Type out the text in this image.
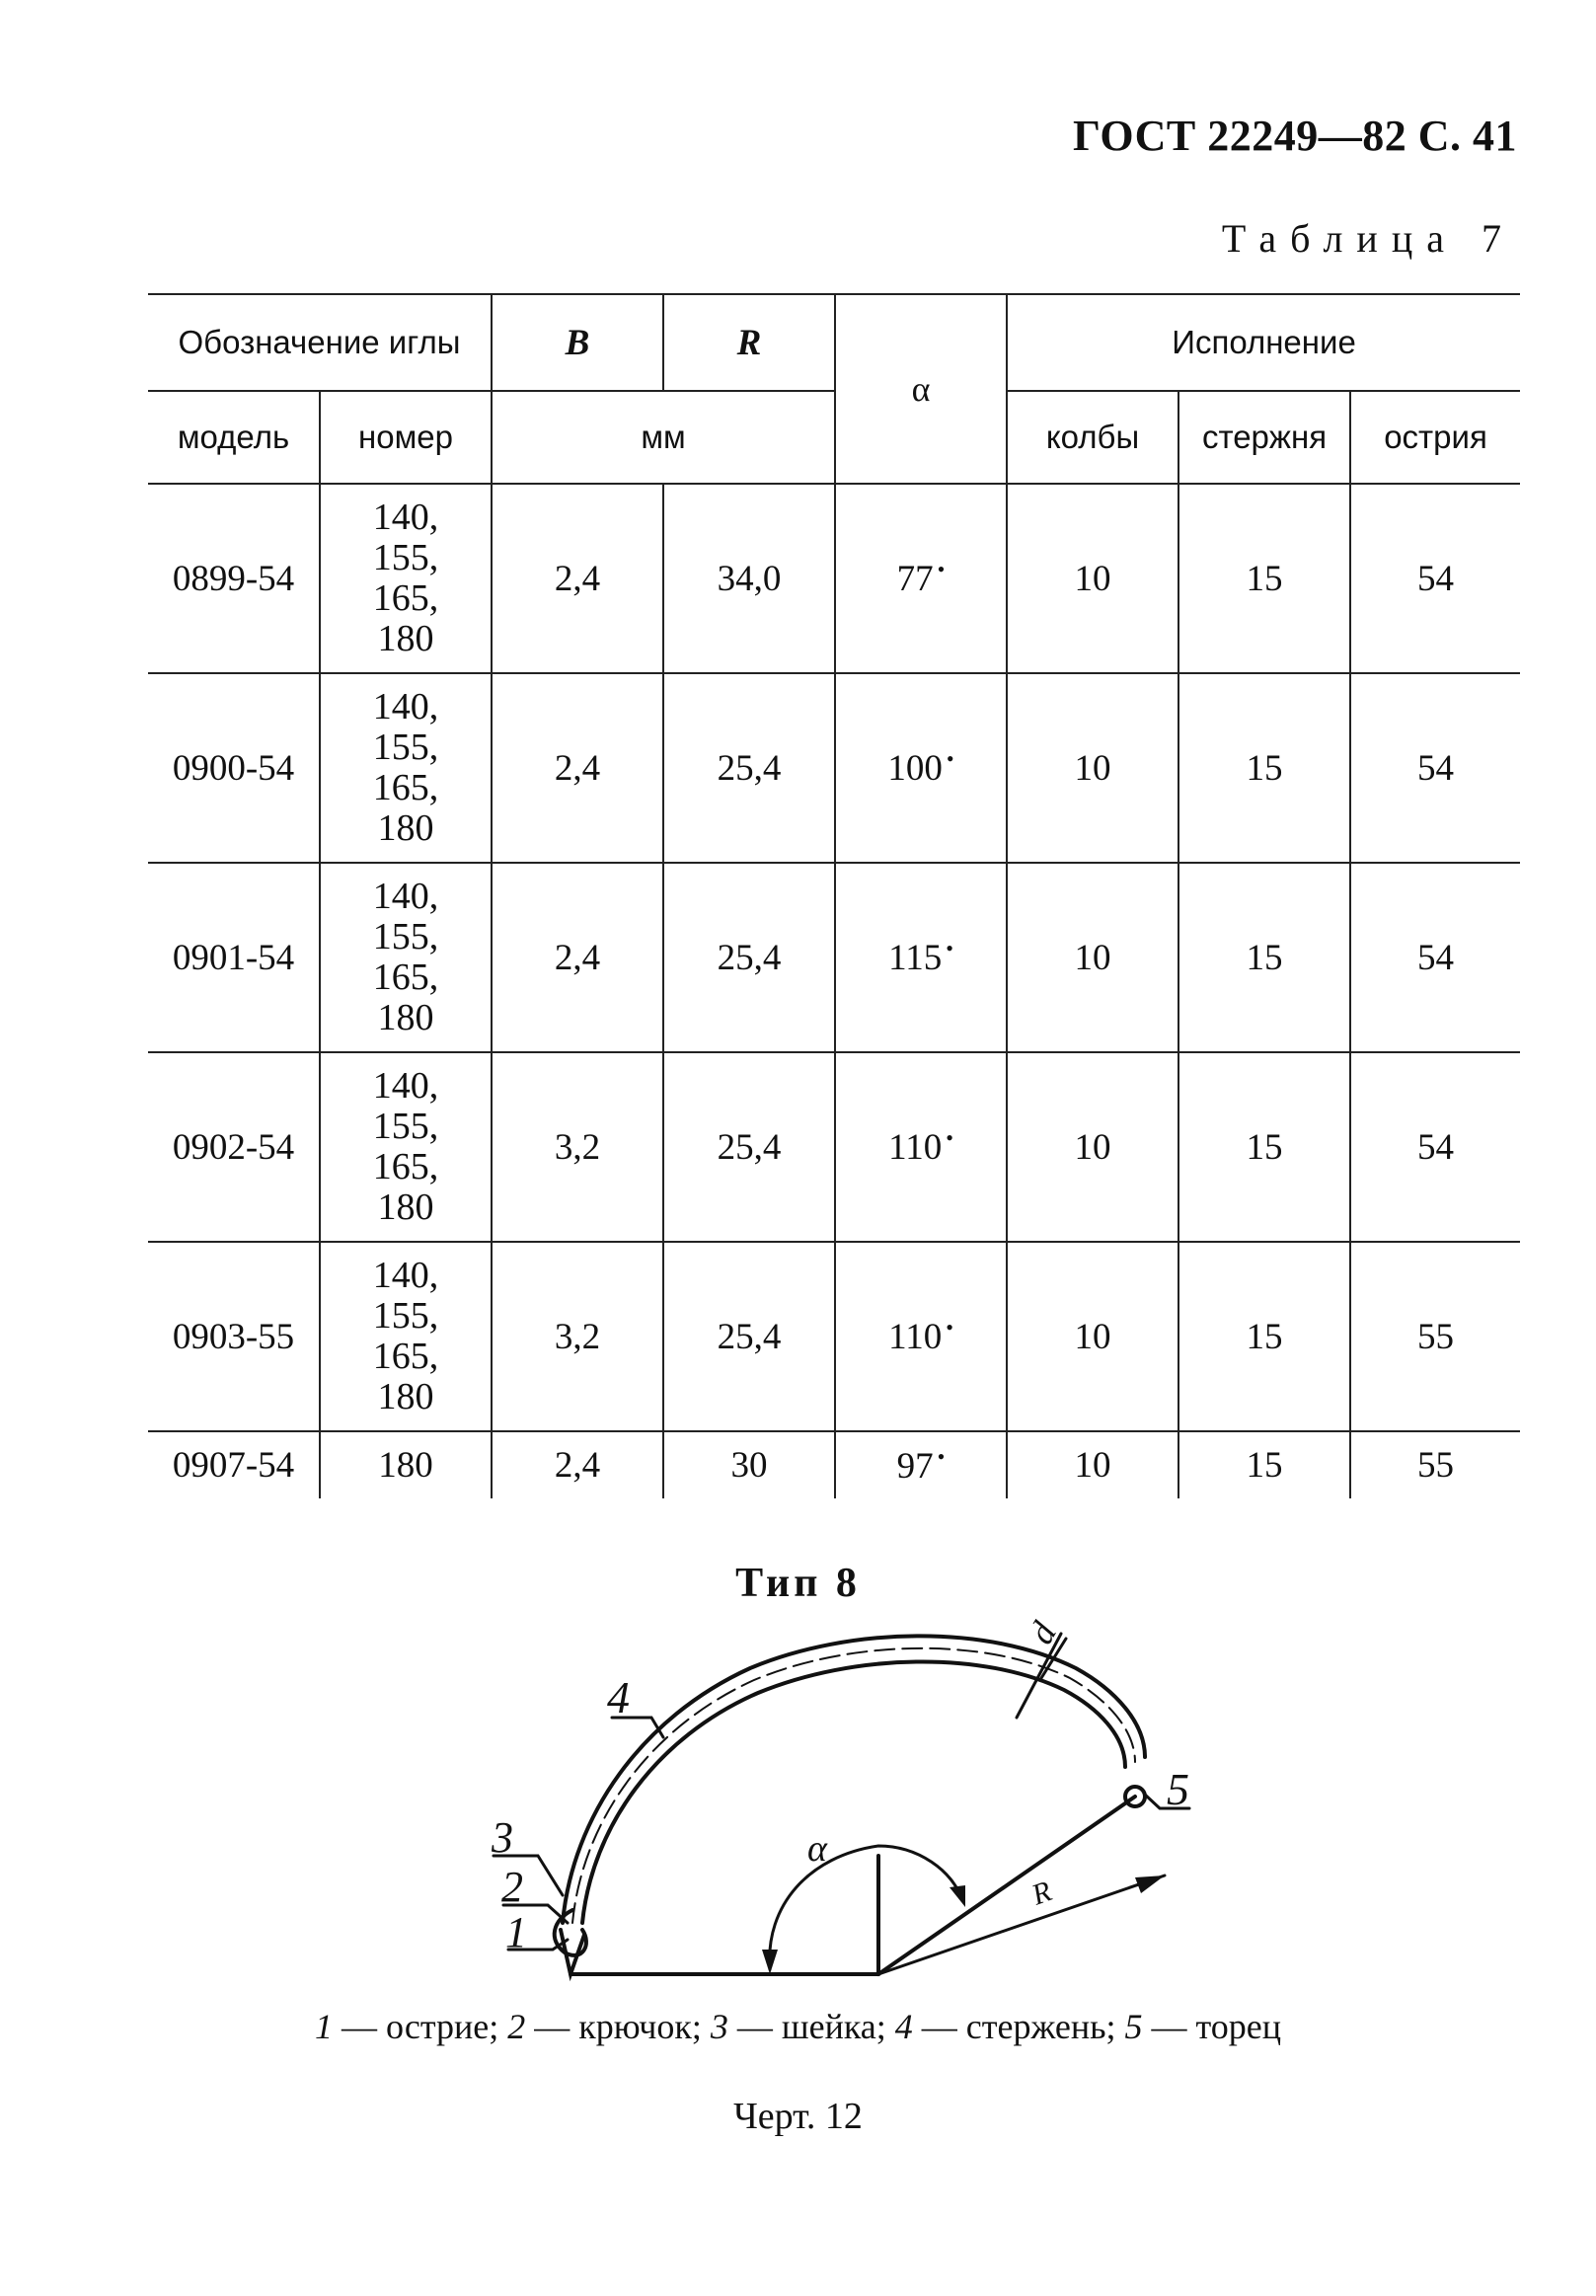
ГОСТ 22249—82 С. 41
Таблица 7
Обозначение иглы		B	R	α	Исполнение		
модель	номер	мм			колбы	стержня	острия
0899-54	140,
155,
165,
180	2,4	34,0	77 •	10	15	54
0900-54	140,
155,
165,
180	2,4	25,4	100 •	10	15	54
0901-54	140,
155,
165,
180	2,4	25,4	115 •	10	15	54
0902-54	140,
155,
165,
180	3,2	25,4	110 •	10	15	54
0903-55	140,
155,
165,
180	3,2	25,4	110 •	10	15	55
0907-54	180	2,4	30	97 •	10	15	55
Тип 8
1
2
3
4
5
α
d
R
1 — острие; 2 — крючок; 3 — шейка; 4 — стержень; 5 — торец
Черт. 12
